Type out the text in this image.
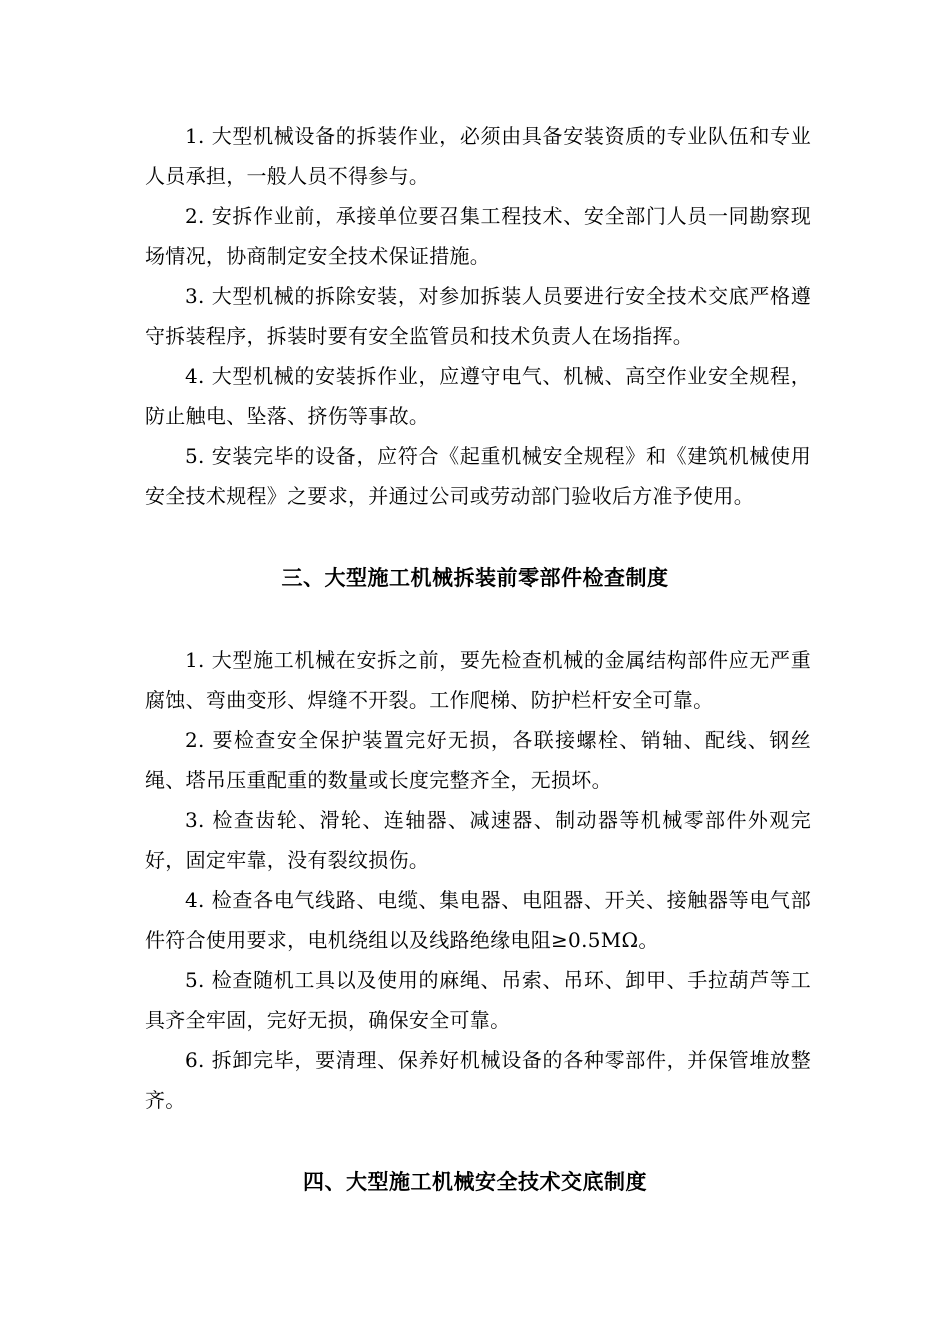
1. 大型机械设备的拆装作业，必须由具备安装资质的专业队伍和专业人员承担，一般人员不得参与。

2. 安拆作业前，承接单位要召集工程技术、安全部门人员一同勘察现场情况，协商制定安全技术保证措施。

3. 大型机械的拆除安装，对参加拆装人员要进行安全技术交底严格遵守拆装程序，拆装时要有安全监管员和技术负责人在场指挥。

4. 大型机械的安装拆作业，应遵守电气、机械、高空作业安全规程，防止触电、坠落、挤伤等事故。

5. 安装完毕的设备，应符合《起重机械安全规程》和《建筑机械使用安全技术规程》之要求，并通过公司或劳动部门验收后方准予使用。

三、大型施工机械拆装前零部件检查制度

1. 大型施工机械在安拆之前，要先检查机械的金属结构部件应无严重腐蚀、弯曲变形、焊缝不开裂。工作爬梯、防护栏杆安全可靠。

2. 要检查安全保护装置完好无损，各联接螺栓、销轴、配线、钢丝绳、塔吊压重配重的数量或长度完整齐全，无损坏。

3. 检查齿轮、滑轮、连轴器、减速器、制动器等机械零部件外观完好，固定牢靠，没有裂纹损伤。

4. 检查各电气线路、电缆、集电器、电阻器、开关、接触器等电气部件符合使用要求，电机绕组以及线路绝缘电阻≥0.5MΩ。

5. 检查随机工具以及使用的麻绳、吊索、吊环、卸甲、手拉葫芦等工具齐全牢固，完好无损，确保安全可靠。

6. 拆卸完毕，要清理、保养好机械设备的各种零部件，并保管堆放整齐。

四、大型施工机械安全技术交底制度
